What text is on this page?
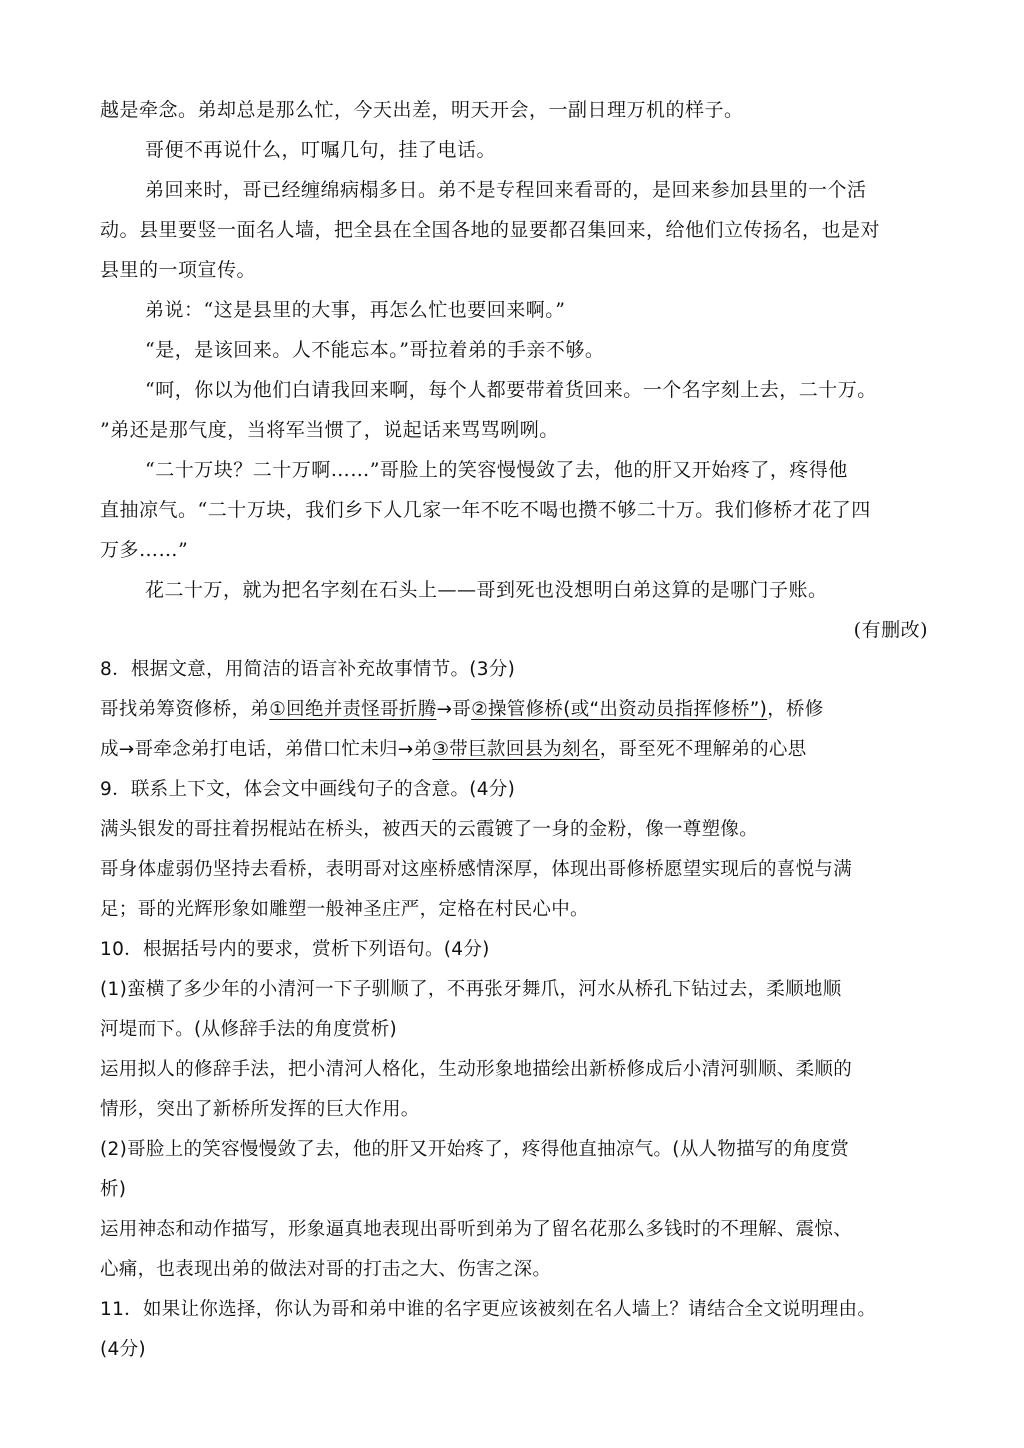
越是牵念。弟却总是那么忙，今天出差，明天开会，一副日理万机的样子。
哥便不再说什么，叮嘱几句，挂了电话。
弟回来时，哥已经缠绵病榻多日。弟不是专程回来看哥的，是回来参加县里的一个活
动。县里要竖一面名人墙，把全县在全国各地的显要都召集回来，给他们立传扬名，也是对
县里的一项宣传。
弟说：“这是县里的大事，再怎么忙也要回来啊。”
“是，是该回来。人不能忘本。”哥拉着弟的手亲不够。
“呵，你以为他们白请我回来啊，每个人都要带着货回来。一个名字刻上去，二十万。
”弟还是那气度，当将军当惯了，说起话来骂骂咧咧。
“二十万块？二十万啊……”哥脸上的笑容慢慢敛了去，他的肝又开始疼了，疼得他
直抽凉气。“二十万块，我们乡下人几家一年不吃不喝也攒不够二十万。我们修桥才花了四
万多……”
花二十万，就为把名字刻在石头上——哥到死也没想明白弟这算的是哪门子账。
(有删改)
8．根据文意，用简洁的语言补充故事情节。(3分)
哥找弟筹资修桥，弟①回绝并责怪哥折腾→哥②操管修桥(或“出资动员指挥修桥”)，桥修
成→哥牵念弟打电话，弟借口忙未归→弟③带巨款回县为刻名，哥至死不理解弟的心思
9．联系上下文，体会文中画线句子的含意。(4分)
满头银发的哥拄着拐棍站在桥头，被西天的云霞镀了一身的金粉，像一尊塑像。
哥身体虚弱仍坚持去看桥，表明哥对这座桥感情深厚，体现出哥修桥愿望实现后的喜悦与满
足；哥的光辉形象如雕塑一般神圣庄严，定格在村民心中。
10．根据括号内的要求，赏析下列语句。(4分)
(1)蛮横了多少年的小清河一下子驯顺了，不再张牙舞爪，河水从桥孔下钻过去，柔顺地顺
河堤而下。(从修辞手法的角度赏析)
运用拟人的修辞手法，把小清河人格化，生动形象地描绘出新桥修成后小清河驯顺、柔顺的
情形，突出了新桥所发挥的巨大作用。
(2)哥脸上的笑容慢慢敛了去，他的肝又开始疼了，疼得他直抽凉气。(从人物描写的角度赏
析)
运用神态和动作描写，形象逼真地表现出哥听到弟为了留名花那么多钱时的不理解、震惊、
心痛，也表现出弟的做法对哥的打击之大、伤害之深。
11．如果让你选择，你认为哥和弟中谁的名字更应该被刻在名人墙上？请结合全文说明理由。
(4分)
